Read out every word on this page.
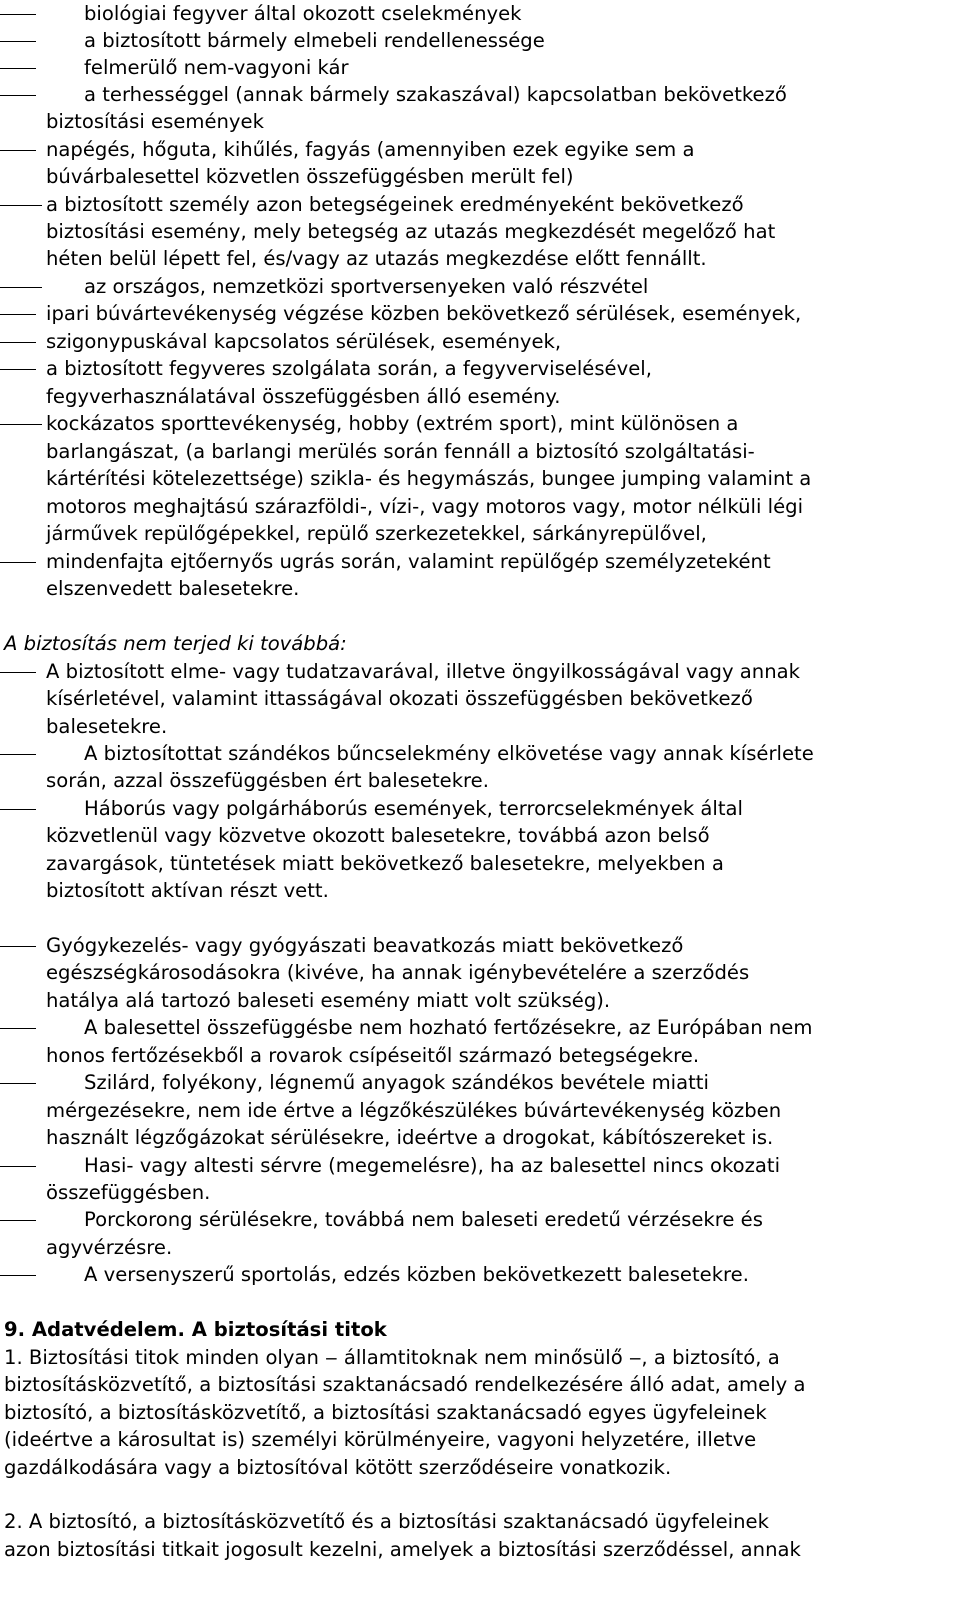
biológiai fegyver által okozott cselekmények
a biztosított bármely elmebeli rendellenessége
felmerülő nem-vagyoni kár
a terhességgel (annak bármely szakaszával) kapcsolatban bekövetkező
biztosítási események
napégés, hőguta, kihűlés, fagyás (amennyiben ezek egyike sem a
búvárbalesettel közvetlen összefüggésben merült fel)
a biztosított személy azon betegségeinek eredményeként bekövetkező
biztosítási esemény, mely betegség az utazás megkezdését megelőző hat
héten belül lépett fel, és/vagy az utazás megkezdése előtt fennállt.
az országos, nemzetközi sportversenyeken való részvétel
ipari búvártevékenység végzése közben bekövetkező sérülések, események,
szigonypuskával kapcsolatos sérülések, események,
a biztosított fegyveres szolgálata során, a fegyverviselésével,
fegyverhasználatával összefüggésben álló esemény.
kockázatos sporttevékenység, hobby (extrém sport), mint különösen a
barlangászat, (a barlangi merülés során fennáll a biztosító szolgáltatási-
kártérítési kötelezettsége) szikla- és hegymászás, bungee jumping valamint a
motoros meghajtású szárazföldi-, vízi-, vagy motoros vagy, motor nélküli légi
járművek repülőgépekkel, repülő szerkezetekkel, sárkányrepülővel,
mindenfajta ejtőernyős ugrás során, valamint repülőgép személyzeteként
elszenvedett balesetekre.
A biztosítás nem terjed ki továbbá:
A biztosított elme- vagy tudatzavarával, illetve öngyilkosságával vagy annak
kísérletével, valamint ittasságával okozati összefüggésben bekövetkező
balesetekre.
A biztosítottat szándékos bűncselekmény elkövetése vagy annak kísérlete
során, azzal összefüggésben ért balesetekre.
Háborús vagy polgárháborús események, terrorcselekmények által
közvetlenül vagy közvetve okozott balesetekre, továbbá azon belső
zavargások, tüntetések miatt bekövetkező balesetekre, melyekben a
biztosított aktívan részt vett.
Gyógykezelés- vagy gyógyászati beavatkozás miatt bekövetkező
egészségkárosodásokra (kivéve, ha annak igénybevételére a szerződés
hatálya alá tartozó baleseti esemény miatt volt szükség).
A balesettel összefüggésbe nem hozható fertőzésekre, az Európában nem
honos fertőzésekből a rovarok csípéseitől származó betegségekre.
Szilárd, folyékony, légnemű anyagok szándékos bevétele miatti
mérgezésekre, nem ide értve a légzőkészülékes búvártevékenység közben
használt légzőgázokat sérülésekre, ideértve a drogokat, kábítószereket is.
Hasi- vagy altesti sérvre (megemelésre), ha az balesettel nincs okozati
összefüggésben.
Porckorong sérülésekre, továbbá nem baleseti eredetű vérzésekre és
agyvérzésre.
A versenyszerű sportolás, edzés közben bekövetkezett balesetekre.
9. Adatvédelem. A biztosítási titok
1. Biztosítási titok minden olyan ‒ államtitoknak nem minősülő ‒, a biztosító, a
biztosításközvetítő, a biztosítási szaktanácsadó rendelkezésére álló adat, amely a
biztosító, a biztosításközvetítő, a biztosítási szaktanácsadó egyes ügyfeleinek
(ideértve a károsultat is) személyi körülményeire, vagyoni helyzetére, illetve
gazdálkodására vagy a biztosítóval kötött szerződéseire vonatkozik.
2. A biztosító, a biztosításközvetítő és a biztosítási szaktanácsadó ügyfeleinek
azon biztosítási titkait jogosult kezelni, amelyek a biztosítási szerződéssel, annak
